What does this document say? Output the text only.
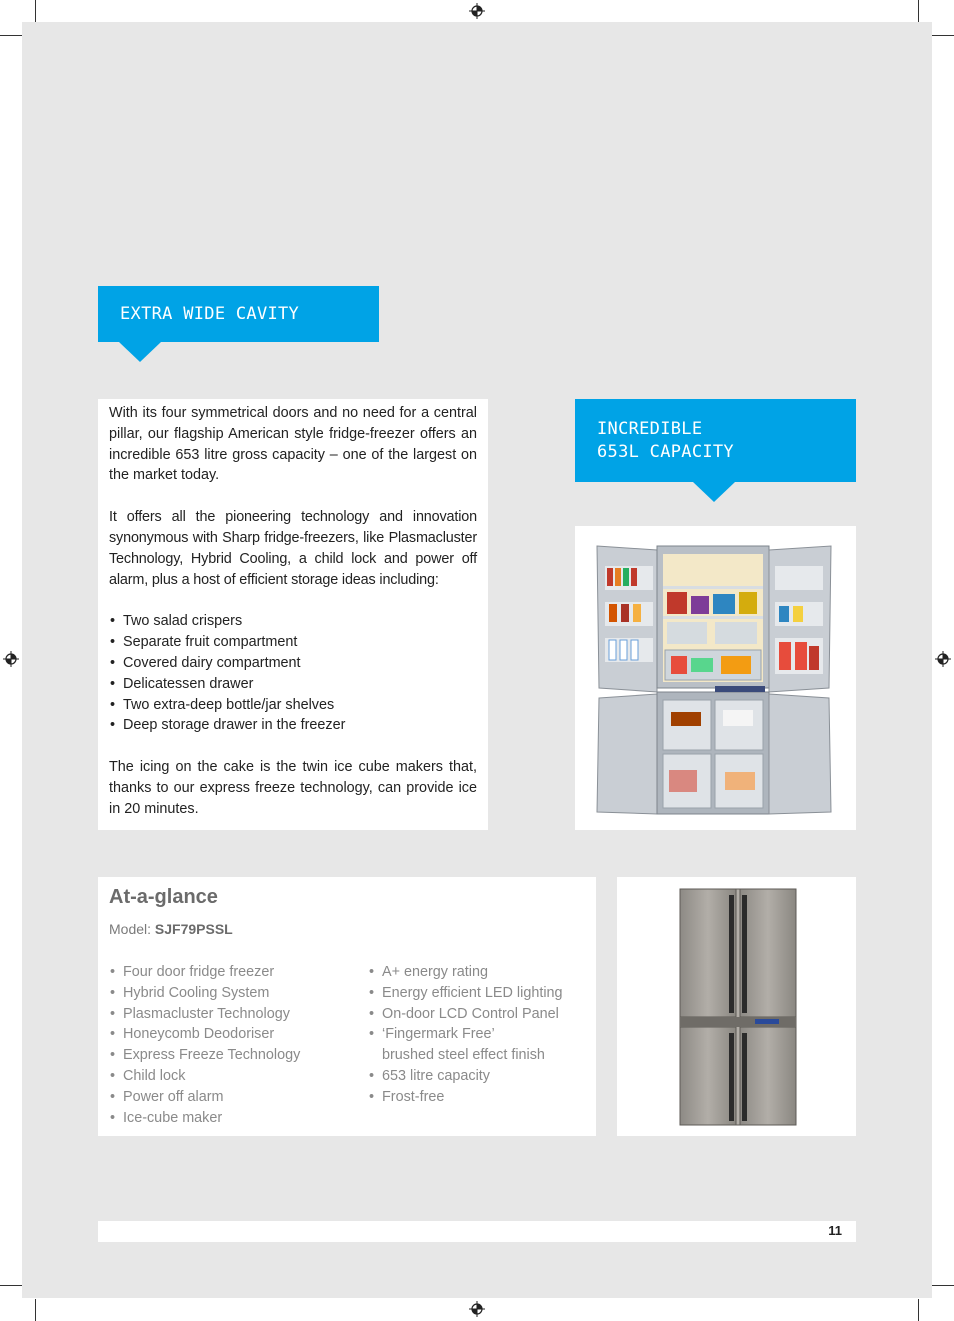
EXTRA WIDE CAVITY

With its four symmetrical doors and no need for a central pillar, our flagship American style fridge-freezer offers an incredible 653 litre gross capacity – one of the largest on the market today.

It offers all the pioneering technology and innovation synonymous with Sharp fridge-freezers, like Plasmacluster Technology, Hybrid Cooling, a child lock and power off alarm, plus a host of efficient storage ideas including:

• Two salad crispers
• Separate fruit compartment
• Covered dairy compartment
• Delicatessen drawer
• Two extra-deep bottle/jar shelves
• Deep storage drawer in the freezer

The icing on the cake is the twin ice cube makers that, thanks to our express freeze technology, can provide ice in 20 minutes.

INCREDIBLE
653L CAPACITY
At-a-glance
Model: SJF79PSSL
• Four door fridge freezer
• Hybrid Cooling System
• Plasmacluster Technology
• Honeycomb Deodoriser
• Express Freeze Technology
• Child lock
• Power off alarm
• Ice-cube maker
• A+ energy rating
• Energy efficient LED lighting
• On-door LCD Control Panel
• ‘Fingermark Free’
brushed steel effect finish
• 653 litre capacity
• Frost-free
11
